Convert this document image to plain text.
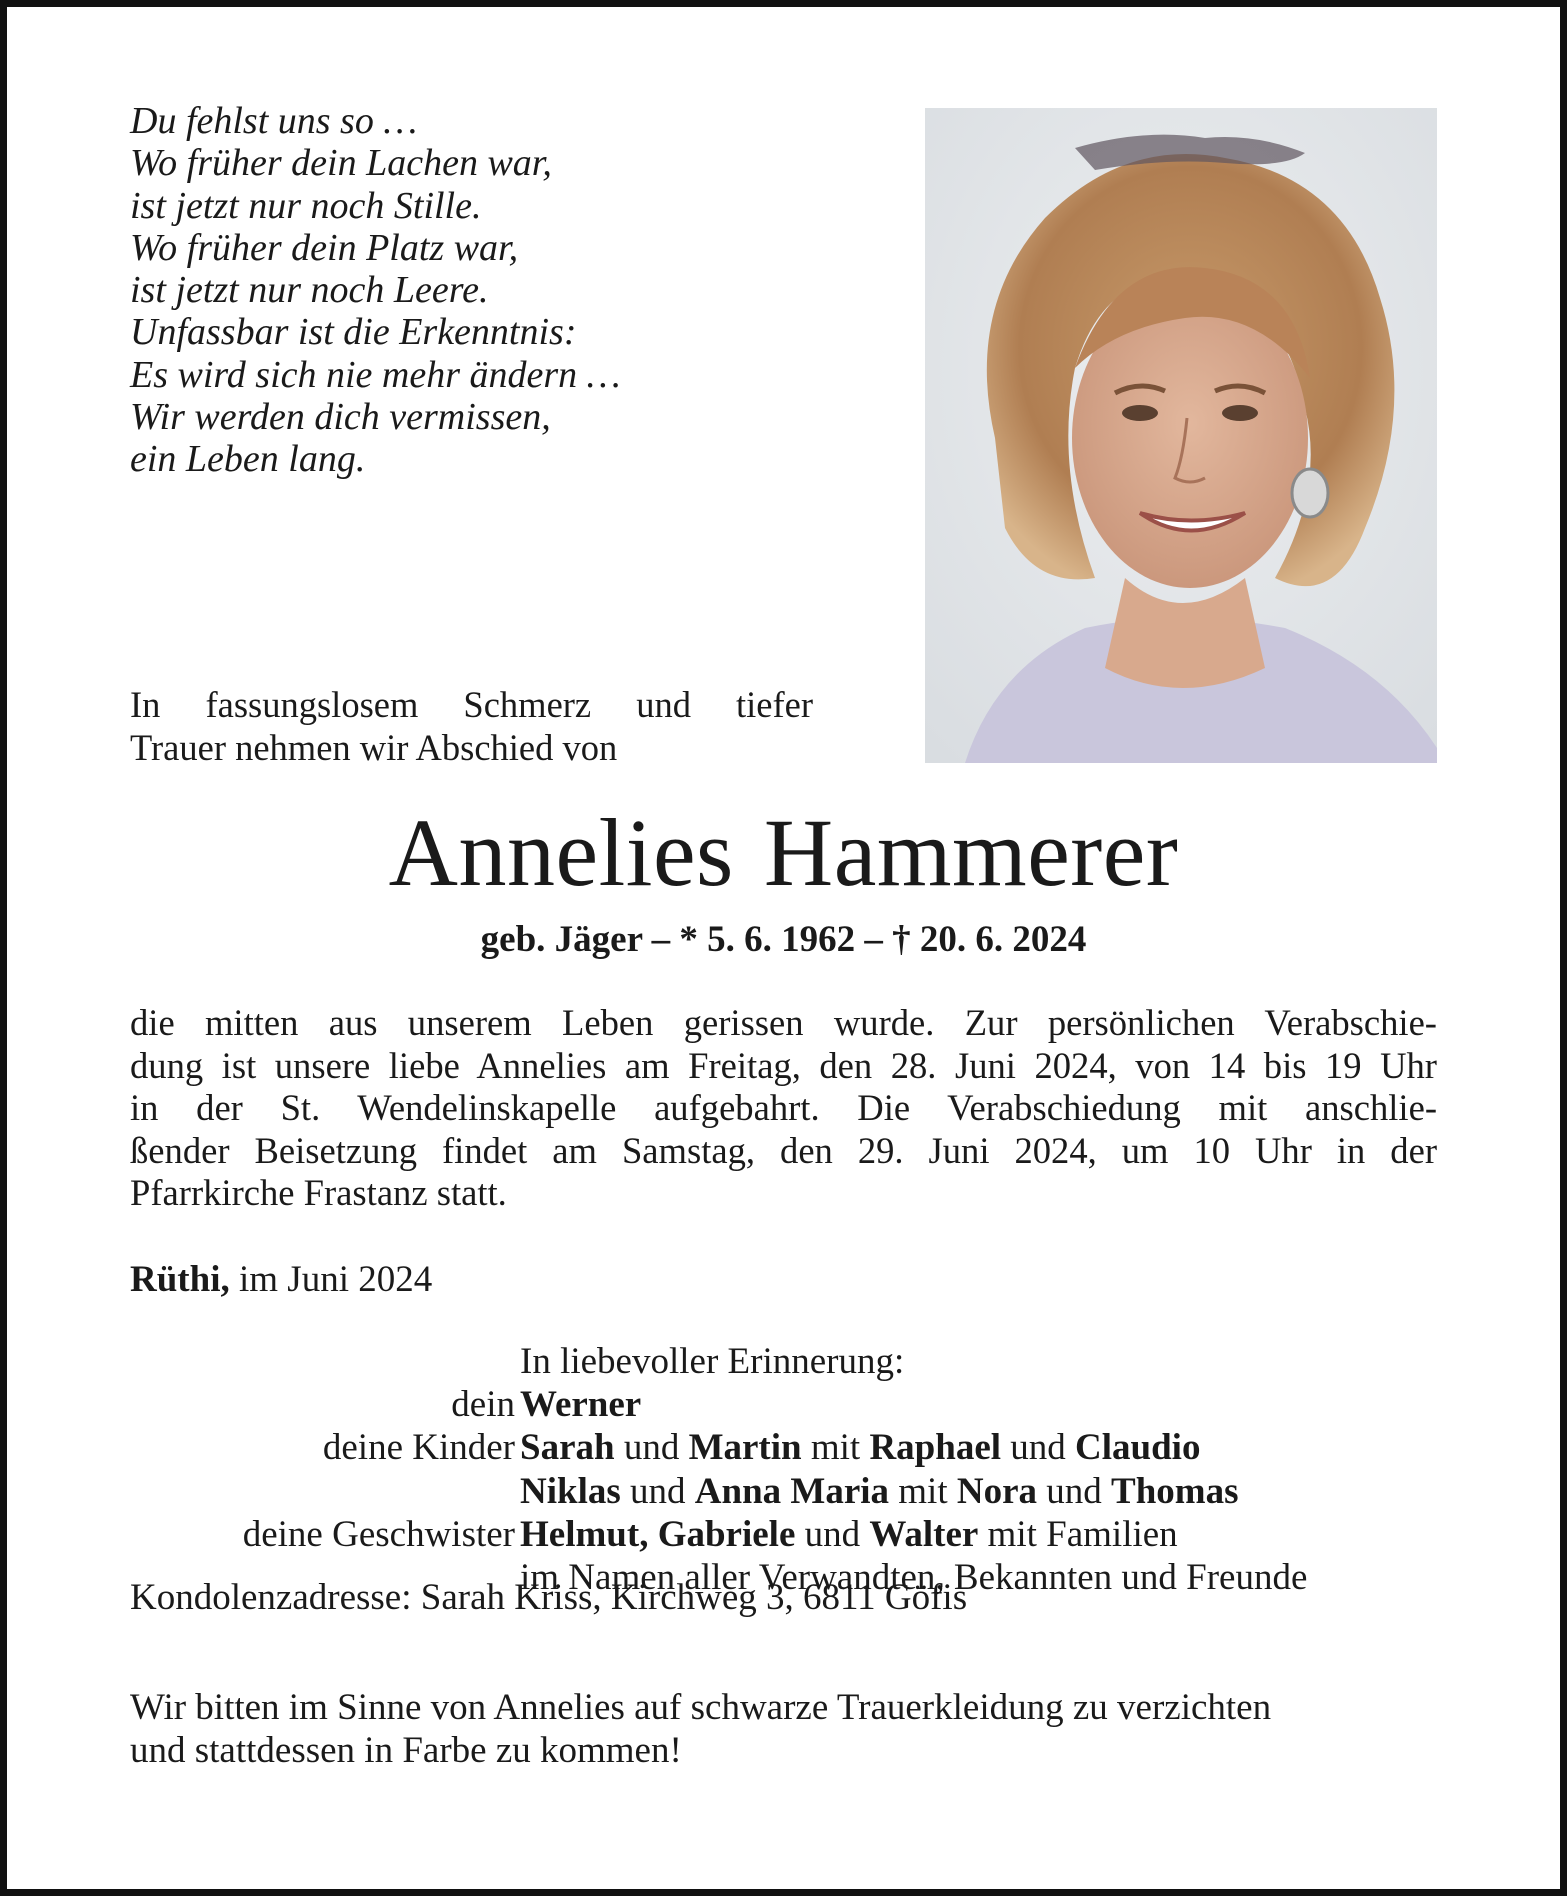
Du fehlst uns so …
Wo früher dein Lachen war,
ist jetzt nur noch Stille.
Wo früher dein Platz war,
ist jetzt nur noch Leere.
Unfassbar ist die Erkenntnis:
Es wird sich nie mehr ändern …
Wir werden dich vermissen,
ein Leben lang.
In fassungslosem Schmerz und tiefer
Trauer nehmen wir Abschied von
Annelies Hammerer
geb. Jäger – * 5. 6. 1962 – † 20. 6. 2024
die mitten aus unserem Leben gerissen wurde. Zur persönlichen Verabschie-
dung ist unsere liebe Annelies am Freitag, den 28. Juni 2024, von 14 bis 19 Uhr
in der St. Wendelinskapelle aufgebahrt. Die Verabschiedung mit anschlie-
ßender Beisetzung findet am Samstag, den 29. Juni 2024, um 10 Uhr in der
Pfarrkirche Frastanz statt.
Rüthi, im Juni 2024
In liebevoller Erinnerung:
dein Werner
deine Kinder Sarah und Martin mit Raphael und Claudio
Niklas und Anna Maria mit Nora und Thomas
deine Geschwister Helmut, Gabriele und Walter mit Familien
im Namen aller Verwandten, Bekannten und Freunde
Kondolenzadresse: Sarah Kriss, Kirchweg 3, 6811 Göfis
Wir bitten im Sinne von Annelies auf schwarze Trauerkleidung zu verzichten
und stattdessen in Farbe zu kommen!
